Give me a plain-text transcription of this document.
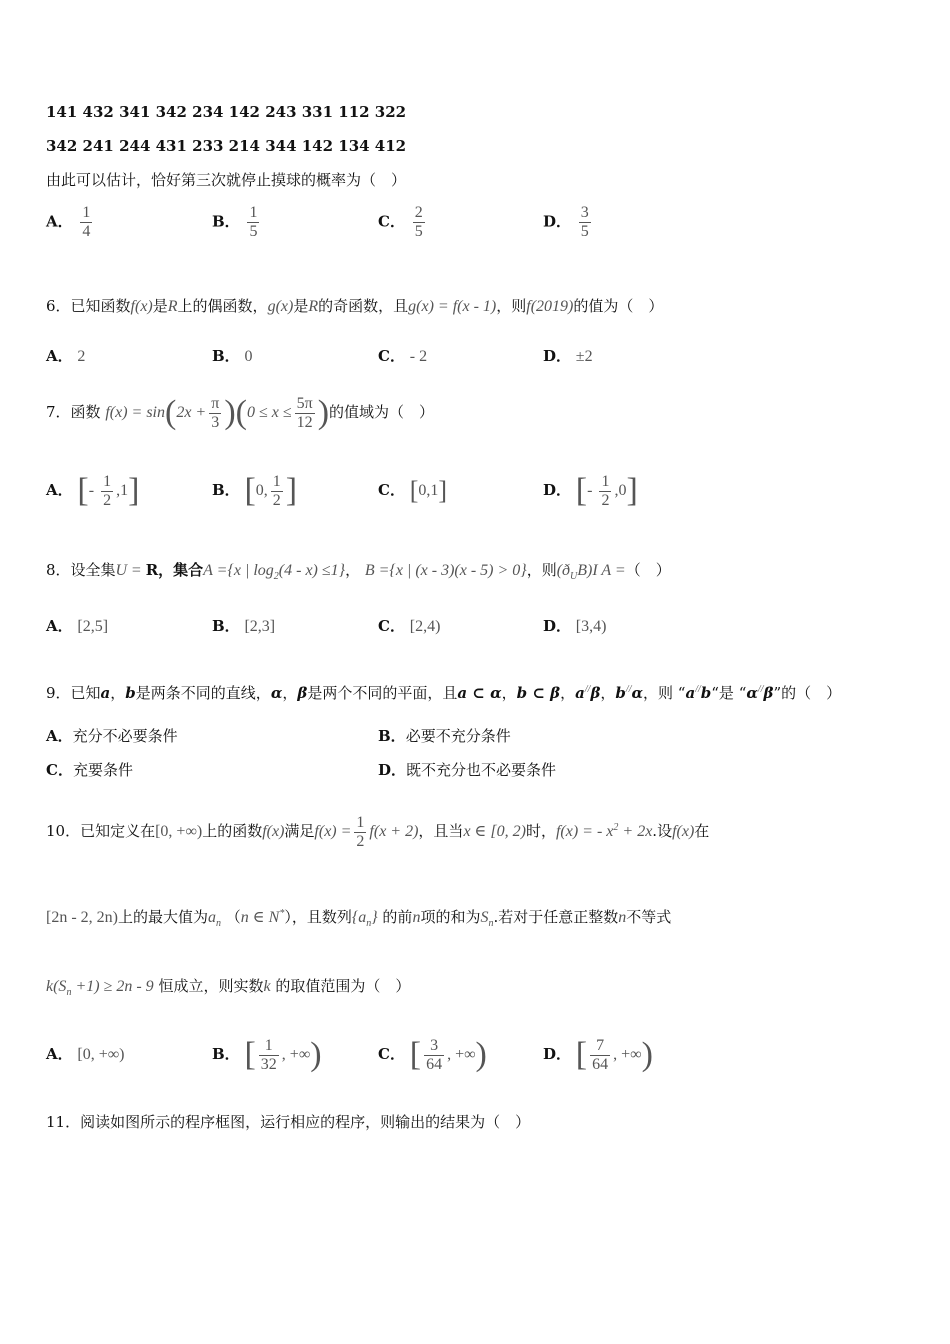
141 432 341 342 234 142 243 331 112 322
342 241 244 431 233 214 344 142 134 412
由此可以估计，恰好第三次就停止摸球的概率为（　）
A． $\frac{1}{4}$	B． $\frac{1}{5}$	C． $\frac{2}{5}$	D． $\frac{3}{5}$
6．已知函数f(x)是R上的偶函数，g(x)是R的奇函数，且g(x) = f(x - 1)，则f(2019)的值为（　）
A． 2	B． 0	C． - 2	D． ±2
7．函数 $f(x) = \sin(2x + \frac{\pi}{3} )(0 \le x \le \frac{5\pi}{12}$ )的值域为（　）
A． [- $\frac{1}{2} ,1$]	B． [0, $\frac{1}{2}$ ]	C． [0,1]	D． [- $\frac{1}{2} ,0$]
8．设全集U = R，集合A ={x | $\log_2(4 - x) \le 1$}， B ={x | (x - 3)(x - 5) > 0}，则$(ð_UB)I$ A =（　）
A． [2,5]	B． [2,3]	C． [2,4)	D． [3,4)
9．已知a，b是两条不同的直线，α，β是两个不同的平面，且a ⊂ α，b ⊂ β，a//β，b//α，则 “a//b“是 “α//β”的（　）
A．充分不必要条件	B．必要不充分条件
C．充要条件	D．既不充分也不必要条件
10．已知定义在[0, +∞)上的函数f(x)满足$f(x) = \frac{1}{2} f(x + 2)$，且当x ∈ [0, 2)时，f(x) = - $x^2 + 2x$.设f(x)在
[2n - 2, 2n)上的最大值为$a_n$ （n ∈ N*），且数列$\{a_n\}$ 的前n项的和为$S_n$.若对于任意正整数n不等式
$k(S_n +1) \ge 2n - 9$ 恒成立，则实数k 的取值范围为（　）
A． [0, +∞)	B． [ $\frac{1}{32}$ , +∞)	C． [ $\frac{3}{64}$ , +∞)	D． [ $\frac{7}{64}$ , +∞)
11．阅读如图所示的程序框图，运行相应的程序，则输出的结果为（　）
